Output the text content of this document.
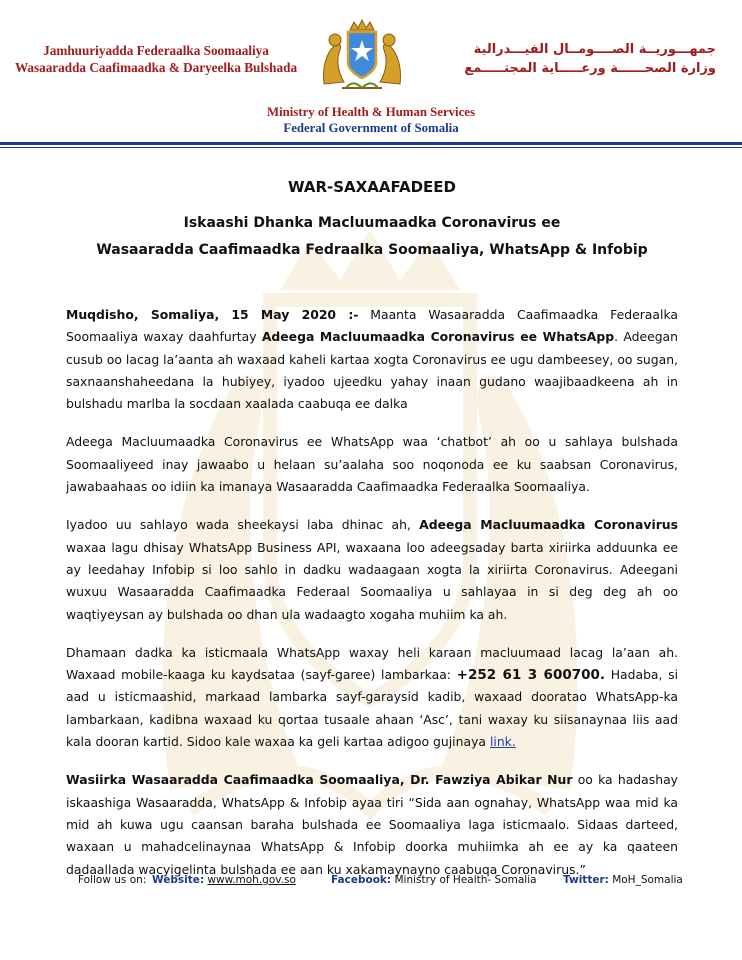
Jamhuuriyadda Federaalka Soomaaliya
Wasaaradda Caafimaadka & Daryeelka Bulshada
جمهـــوريــة الصــــومــال الفيـــدرالية
وزارة الصحــــــة ورعـــــاية المجتـــــمع
Ministry of Health & Human Services
Federal Government of Somalia
WAR-SAXAAFADEED
Iskaashi Dhanka Macluumaadka Coronavirus ee
Wasaaradda Caafimaadka Fedraalka Soomaaliya, WhatsApp & Infobip

Muqdisho, Somaliya, 15 May 2020 :- Maanta Wasaaradda Caafimaadka Federaalka Soomaaliya waxay daahfurtay Adeega Macluumaadka Coronavirus ee WhatsApp. Adeegan cusub oo lacag la’aanta ah waxaad kaheli kartaa xogta Coronavirus ee ugu dambeesey, oo sugan, saxnaanshaheedana la hubiyey, iyadoo ujeedku yahay inaan gudano waajibaadkeena ah in bulshadu marlba la socdaan xaalada caabuqa ee dalka

Adeega Macluumaadka Coronavirus ee WhatsApp waa ‘chatbot’ ah oo u sahlaya bulshada Soomaaliyeed inay jawaabo u helaan su’aalaha soo noqonoda ee ku saabsan Coronavirus, jawabaahaas oo idiin ka imanaya Wasaaradda Caafimaadka Federaalka Soomaaliya.

Iyadoo uu sahlayo wada sheekaysi laba dhinac ah, Adeega Macluumaadka Coronavirus waxaa lagu dhisay WhatsApp Business API, waxaana loo adeegsaday barta xiriirka adduunka ee ay leedahay Infobip si loo sahlo in dadku wadaagaan xogta la xiriirta Coronavirus. Adeegani wuxuu Wasaaradda Caafimaadka Federaal Soomaaliya u sahlayaa in si deg deg ah oo waqtiyeysan ay bulshada oo dhan ula wadaagto xogaha muhiim ka ah.

Dhamaan dadka ka isticmaala WhatsApp waxay heli karaan macluumaad lacag la’aan ah. Waxaad mobile-kaaga ku kaydsataa (sayf-garee) lambarkaa: +252 61 3 600700. Hadaba, si aad u isticmaashid, markaad lambarka sayf-garaysid kadib, waxaad dooratao WhatsApp-ka lambarkaan, kadibna waxaad ku qortaa tusaale ahaan ‘Asc’, tani waxay ku siisanaynaa liis aad kala dooran kartid. Sidoo kale waxaa ka geli kartaa adigoo gujinaya link.

Wasiirka Wasaaradda Caafimaadka Soomaaliya, Dr. Fawziya Abikar Nur oo ka hadashay iskaashiga Wasaaradda, WhatsApp & Infobip ayaa tiri “Sida aan ognahay, WhatsApp waa mid ka mid ah kuwa ugu caansan baraha bulshada ee Soomaaliya laga isticmaalo. Sidaas darteed, waxaan u mahadcelinaynaa WhatsApp & Infobip doorka muhiimka ah ee ay ka qaateen dadaallada wacyigelinta bulshada ee aan ku xakamaynayno caabuqa Coronavirus.”

Follow us on: Website: www.moh.gov.so	Facebook: Ministry of Health- Somalia	Twitter: MoH_Somalia
